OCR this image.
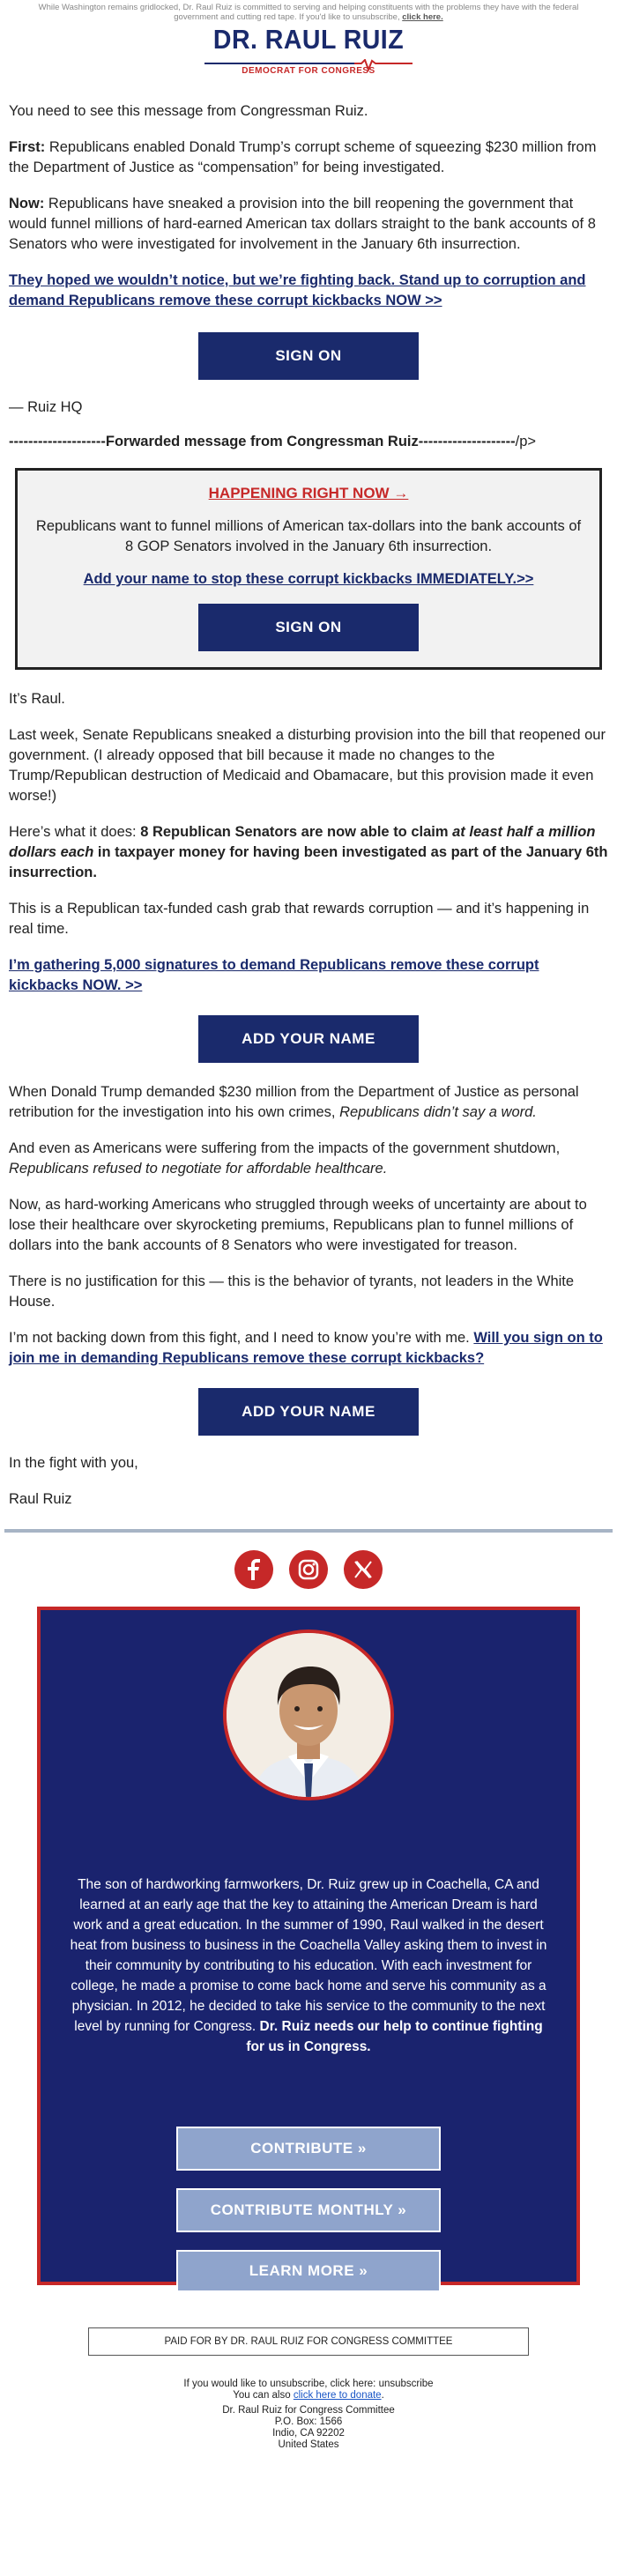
While Washington remains gridlocked, Dr. Raul Ruiz is committed to serving and helping constituents with the problems they have with the federal government and cutting red tape. If you'd like to unsubscribe, click here.
DR. RAUL RUIZ
DEMOCRAT FOR CONGRESS

You need to see this message from Congressman Ruiz.

First: Republicans enabled Donald Trump’s corrupt scheme of squeezing $230 million from the Department of Justice as “compensation” for being investigated.

Now: Republicans have sneaked a provision into the bill reopening the government that would funnel millions of hard-earned American tax dollars straight to the bank accounts of 8 Senators who were investigated for involvement in the January 6th insurrection.

They hoped we wouldn’t notice, but we’re fighting back. Stand up to corruption and demand Republicans remove these corrupt kickbacks NOW >>

SIGN ON

— Ruiz HQ

--------------------Forwarded message from Congressman Ruiz--------------------/p>
HAPPENING RIGHT NOW →
Republicans want to funnel millions of American tax-dollars into the bank accounts of 8 GOP Senators involved in the January 6th insurrection.
Add your name to stop these corrupt kickbacks IMMEDIATELY.>>
SIGN ON

It’s Raul.

Last week, Senate Republicans sneaked a disturbing provision into the bill that reopened our government. (I already opposed that bill because it made no changes to the Trump/Republican destruction of Medicaid and Obamacare, but this provision made it even worse!)

Here’s what it does: 8 Republican Senators are now able to claim at least half a million dollars each in taxpayer money for having been investigated as part of the January 6th insurrection.

This is a Republican tax-funded cash grab that rewards corruption — and it’s happening in real time.

I’m gathering 5,000 signatures to demand Republicans remove these corrupt kickbacks NOW. >>

ADD YOUR NAME

When Donald Trump demanded $230 million from the Department of Justice as personal retribution for the investigation into his own crimes, Republicans didn’t say a word.

And even as Americans were suffering from the impacts of the government shutdown, Republicans refused to negotiate for affordable healthcare.

Now, as hard-working Americans who struggled through weeks of uncertainty are about to lose their healthcare over skyrocketing premiums, Republicans plan to funnel millions of dollars into the bank accounts of 8 Senators who were investigated for treason.

There is no justification for this — this is the behavior of tyrants, not leaders in the White House.

I’m not backing down from this fight, and I need to know you’re with me. Will you sign on to join me in demanding Republicans remove these corrupt kickbacks?

ADD YOUR NAME

In the fight with you,

Raul Ruiz

The son of hardworking farmworkers, Dr. Ruiz grew up in Coachella, CA and learned at an early age that the key to attaining the American Dream is hard work and a great education. In the summer of 1990, Raul walked in the desert heat from business to business in the Coachella Valley asking them to invest in their community by contributing to his education. With each investment for college, he made a promise to come back home and serve his community as a physician. In 2012, he decided to take his service to the community to the next level by running for Congress. Dr. Ruiz needs our help to continue fighting for us in Congress.
CONTRIBUTE »
CONTRIBUTE MONTHLY »
LEARN MORE »
PAID FOR BY DR. RAUL RUIZ FOR CONGRESS COMMITTEE
If you would like to unsubscribe, click here: unsubscribe
You can also click here to donate.
Dr. Raul Ruiz for Congress Committee
P.O. Box: 1566
Indio, CA 92202
United States
